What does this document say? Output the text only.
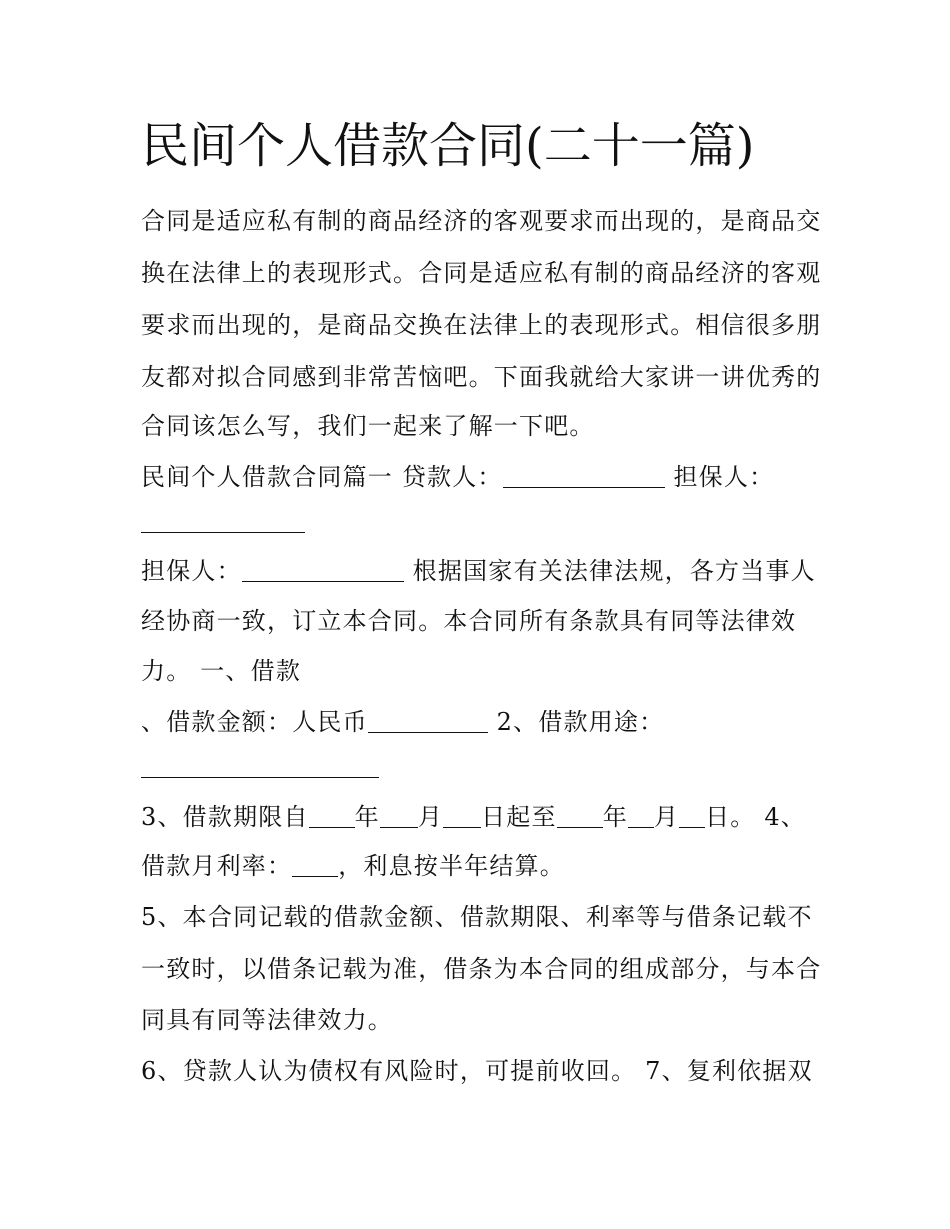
民间个人借款合同(二十一篇)
合同是适应私有制的商品经济的客观要求而出现的，是商品交
换在法律上的表现形式。合同是适应私有制的商品经济的客观
要求而出现的，是商品交换在法律上的表现形式。相信很多朋
友都对拟合同感到非常苦恼吧。下面我就给大家讲一讲优秀的
合同该怎么写，我们一起来了解一下吧。
民间个人借款合同篇一 贷款人：	担保人：
担保人：	根据国家有关法律法规，各方当事人
经协商一致，订立本合同。本合同所有条款具有同等法律效
力。 一、借款
、借款金额：人民币	2、借款用途：
3、借款期限自 年 月 日起至 年 月 日。 4、
借款月利率： ，利息按半年结算。
5、本合同记载的借款金额、借款期限、利率等与借条记载不
一致时，以借条记载为准，借条为本合同的组成部分，与本合
同具有同等法律效力。
6、贷款人认为债权有风险时，可提前收回。 7、复利依据双
